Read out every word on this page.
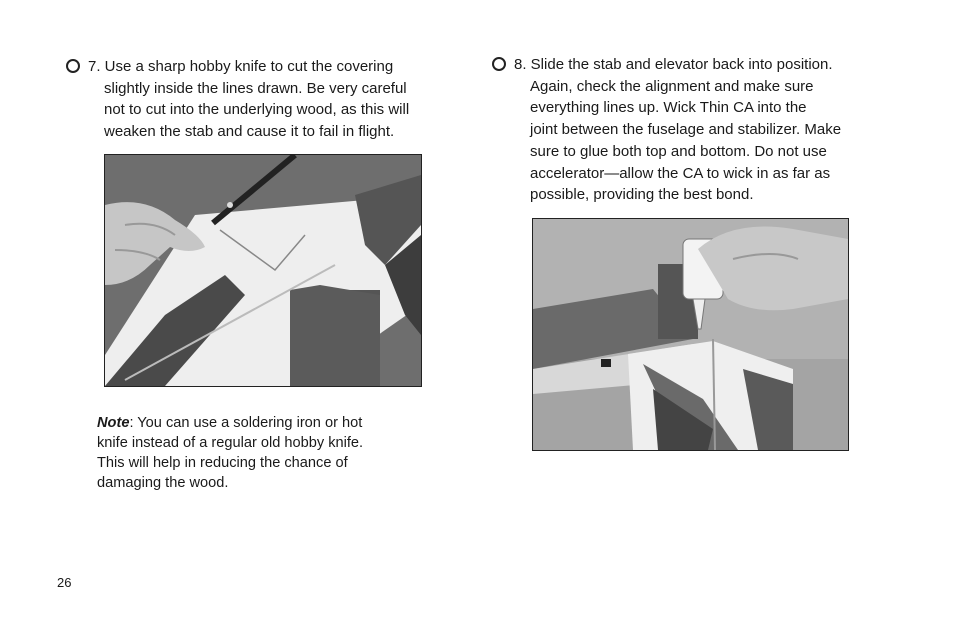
7. Use a sharp hobby knife to cut the covering
slightly inside the lines drawn. Be very careful
not to cut into the underlying wood, as this will
weaken the stab and cause it to fail in flight.
Note: You can use a soldering iron or hot
knife instead of a regular old hobby knife.
This will help in reducing the chance of
damaging the wood.
8. Slide the stab and elevator back into position.
Again, check the alignment and make sure
everything lines up. Wick Thin CA into the
joint between the fuselage and stabilizer. Make
sure to glue both top and bottom. Do not use
accelerator—allow the CA to wick in as far as
possible, providing the best bond.
26
